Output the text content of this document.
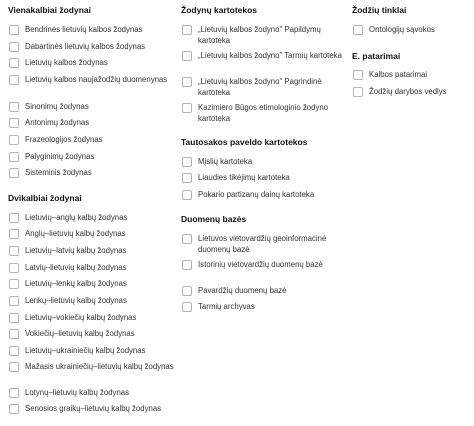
Vienakalbiai žodynai
Bendrinės lietuvių kalbos žodynas
Dabartinės lietuvių kalbos žodynas
Lietuvių kalbos žodynas
Lietuvių kalbos naujažodžių duomenynas
Sinonimų žodynas
Antonimų žodynas
Frazeologijos žodynas
Palyginimų žodynas
Sisteminis žodynas
Dvikalbiai žodynai
Lietuvių–anglų kalbų žodynas
Anglų–lietuvių kalbų žodynas
Lietuvių–latvių kalbų žodynas
Latvių–lietuvių kalbų žodynas
Lietuvių–lenkų kalbų žodynas
Lenkų–lietuvių kalbų žodynas
Lietuvių–vokiečių kalbų žodynas
Vokiečių–lietuvių kalbų žodynas
Lietuvių–ukrainiečių kalbų žodynas
Mažasis ukrainiečių–lietuvių kalbų žodynas
Lotynų–lietuvių kalbų žodynas
Senosios graikų–lietuvių kalbų žodynas
Žodynų kartotekos
„Lietuvių kalbos žodyno" Papildymų kartoteka
„Lietuvių kalbos žodyno" Tarmių kartoteka
„Lietuvių kalbos žodyno" Pagrindinė kartoteka
Kazimiero Būgos etimologinio žodyno kartoteka
Tautosakos paveldo kartotekos
Mįslių kartoteka
Liaudies tikėjimų kartoteka
Pokario partizanų dainų kartoteka
Duomenų bazės
Lietuvos vietovardžių geoinformacinė duomenų bazė
Istorinių vietovardžių duomenų bazė
Pavardžių duomenų bazė
Tarmių archyvas
Žodžių tinklai
Ontologijų sąvokos
E. patarimai
Kalbos patarimai
Žodžių darybos vedlys
